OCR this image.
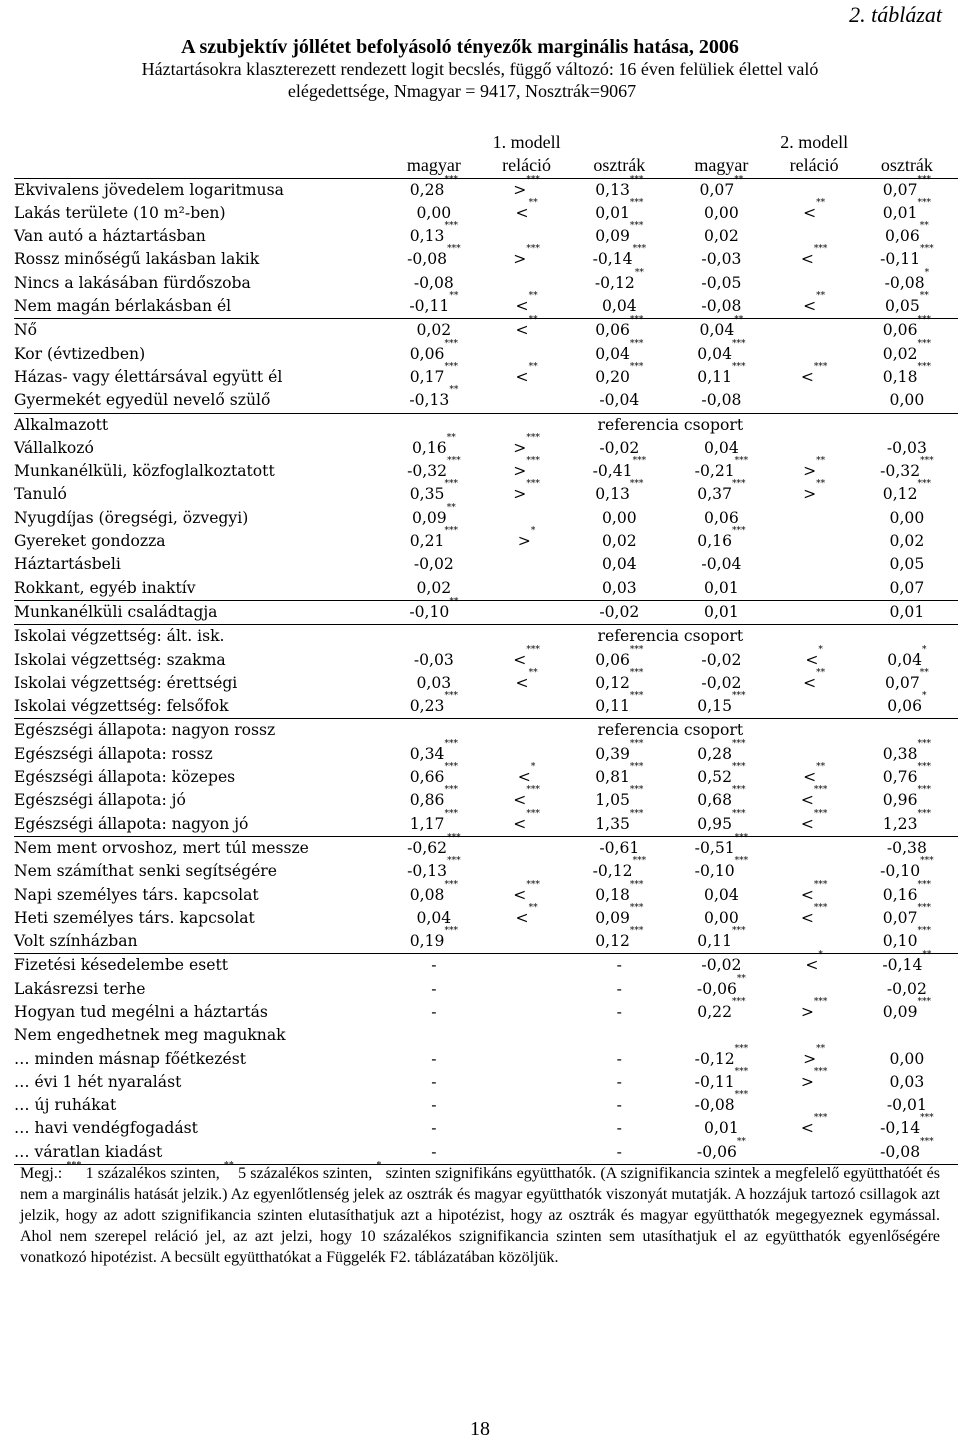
2. táblázat
A szubjektív jóllétet befolyásoló tényezők marginális hatása, 2006
Háztartásokra klaszterezett rendezett logit becslés, függő változó: 16 éven felüliek élettel való
elégedettsége, Nmagyar = 9417, Nosztrák=9067
	1. modell			2. modell		
	magyar	reláció	osztrák	magyar	reláció	osztrák
Ekvivalens jövedelem logaritmusa	0,28***	>***	0,13***	0,07**		0,07***
Lakás területe (10 m²-ben)	0,00	<**	0,01***	0,00	<**	0,01***
Van autó a háztartásban	0,13***		0,09***	0,02		0,06**
Rossz minőségű lakásban lakik	-0,08***	>***	-0,14***	-0,03	<***	-0,11***
Nincs a lakásában fürdőszoba	-0,08		-0,12**	-0,05		-0,08*
Nem magán bérlakásban él	-0,11**	<**	0,04	-0,08	<**	0,05**
Nő	0,02	<**	0,06***	0,04**		0,06***
Kor (évtizedben)	0,06***		0,04***	0,04***		0,02***
Házas- vagy élettársával együtt él	0,17***	<**	0,20***	0,11***	<***	0,18***
Gyermekét egyedül nevelő szülő	-0,13**		-0,04	-0,08		0,00
Alkalmazott			referencia csoport			
Vállalkozó	0,16**	>***	-0,02	0,04		-0,03
Munkanélküli, közfoglalkoztatott	-0,32***	>***	-0,41***	-0,21***	>**	-0,32***
Tanuló	0,35***	>***	0,13***	0,37***	>**	0,12***
Nyugdíjas (öregségi, özvegyi)	0,09**		0,00	0,06		0,00
Gyereket gondozza	0,21***	>*	0,02	0,16***		0,02
Háztartásbeli	-0,02		0,04	-0,04		0,05
Rokkant, egyéb inaktív	0,02		0,03	0,01		0,07
Munkanélküli családtagja	-0,10**		-0,02	0,01		0,01
Iskolai végzettség: ált. isk.			referencia csoport			
Iskolai végzettség: szakma	-0,03	<***	0,06***	-0,02	<*	0,04*
Iskolai végzettség: érettségi	0,03	<**	0,12***	-0,02	<**	0,07**
Iskolai végzettség: felsőfok	0,23***		0,11***	0,15***		0,06*
Egészségi állapota: nagyon rossz			referencia csoport			
Egészségi állapota: rossz	0,34***		0,39***	0,28***		0,38***
Egészségi állapota: közepes	0,66***	<*	0,81***	0,52***	<**	0,76***
Egészségi állapota: jó	0,86***	<***	1,05***	0,68***	<***	0,96***
Egészségi állapota: nagyon jó	1,17***	<***	1,35***	0,95***	<***	1,23***
Nem ment orvoshoz, mert túl messze	-0,62***		-0,61	-0,51***		-0,38
Nem számíthat senki segítségére	-0,13***		-0,12***	-0,10***		-0,10***
Napi személyes társ. kapcsolat	0,08***	<***	0,18***	0,04	<***	0,16***
Heti személyes társ. kapcsolat	0,04	<**	0,09***	0,00	<***	0,07***
Volt színházban	0,19***		0,12***	0,11***		0,10***
Fizetési késedelembe esett	-		-	-0,02	<*	-0,14**
Lakásrezsi terhe	-		-	-0,06**		-0,02
Hogyan tud megélni a háztartás	-		-	0,22***	>***	0,09***
Nem engedhetnek meg maguknak						
… minden másnap főétkezést	-		-	-0,12***	>**	0,00
… évi 1 hét nyaralást	-		-	-0,11***	>***	0,03
… új ruhákat	-		-	-0,08***		-0,01
… havi vendégfogadást	-		-	0,01	<***	-0,14***
… váratlan kiadást	-		-	-0,06**		-0,08***
Megj.: *** 1 százalékos szinten, ** 5 százalékos szinten, * szinten szignifikáns együtthatók. (A szignifikancia szintek a megfelelő együtthatóét és nem a marginális hatását jelzik.) Az egyenlőtlenség jelek az osztrák és magyar együtthatók viszonyát mutatják. A hozzájuk tartozó csillagok azt jelzik, hogy az adott szignifikancia szinten elutasíthatjuk azt a hipotézist, hogy az osztrák és magyar együtthatók megegyeznek egymással. Ahol nem szerepel reláció jel, az azt jelzi, hogy 10 százalékos szignifikancia szinten sem utasíthatjuk el az együtthatók egyenlőségére vonatkozó hipotézist. A becsült együtthatókat a Függelék F2. táblázatában közöljük.
18
